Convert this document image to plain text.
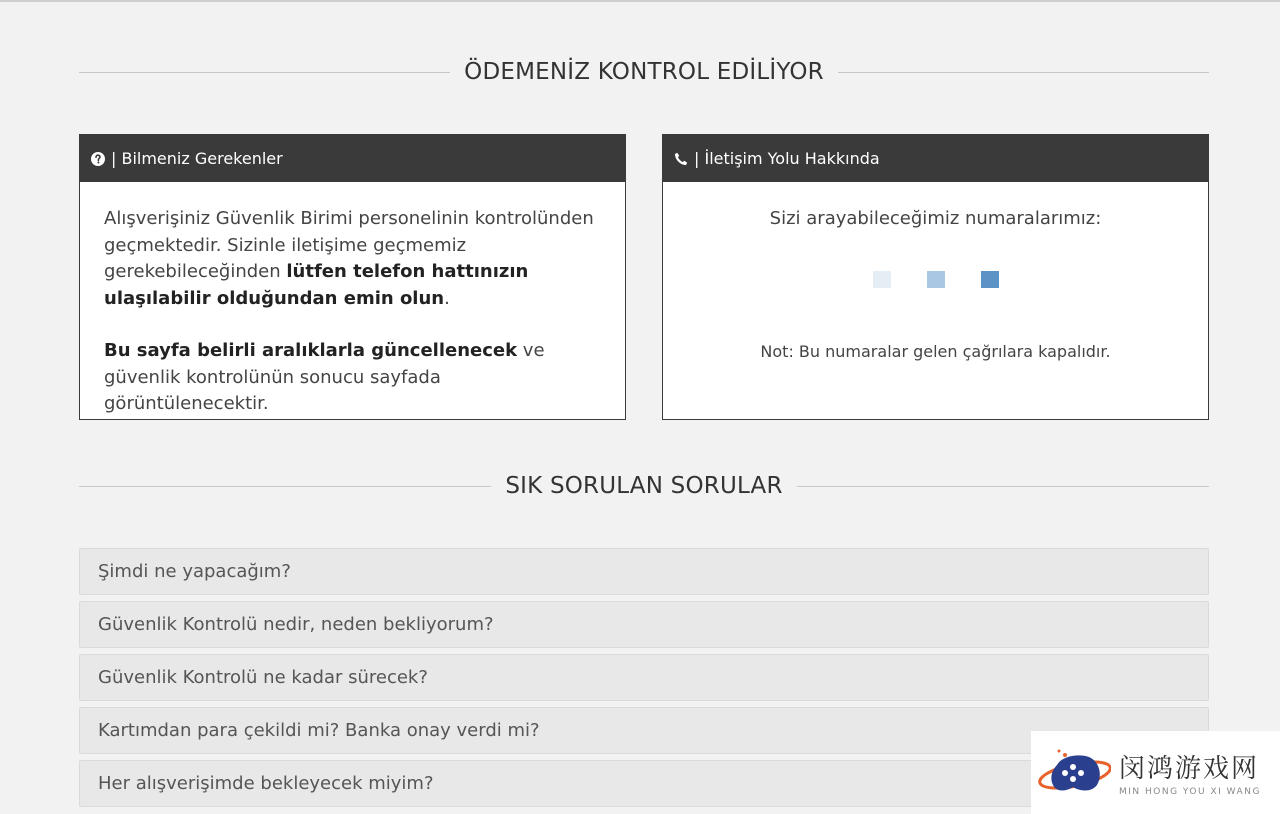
ÖDEMENİZ KONTROL EDİLİYOR
| Bilmeniz Gerekenler

Alışverişiniz Güvenlik Birimi personelinin kontrolünden geçmektedir. Sizinle iletişime geçmemiz gerekebileceğinden lütfen telefon hattınızın ulaşılabilir olduğundan emin olun.

Bu sayfa belirli aralıklarla güncellenecek ve güvenlik kontrolünün sonucu sayfada görüntülenecektir.

| İletişim Yolu Hakkında
Sizi arayabileceğimiz numaralarımız:
Not: Bu numaralar gelen çağrılara kapalıdır.
SIK SORULAN SORULAR
Şimdi ne yapacağım?
Güvenlik Kontrolü nedir, neden bekliyorum?
Güvenlik Kontrolü ne kadar sürecek?
Kartımdan para çekildi mi? Banka onay verdi mi?
Her alışverişimde bekleyecek miyim?	闵鸿游戏网
MIN HONG YOU XI WANG
